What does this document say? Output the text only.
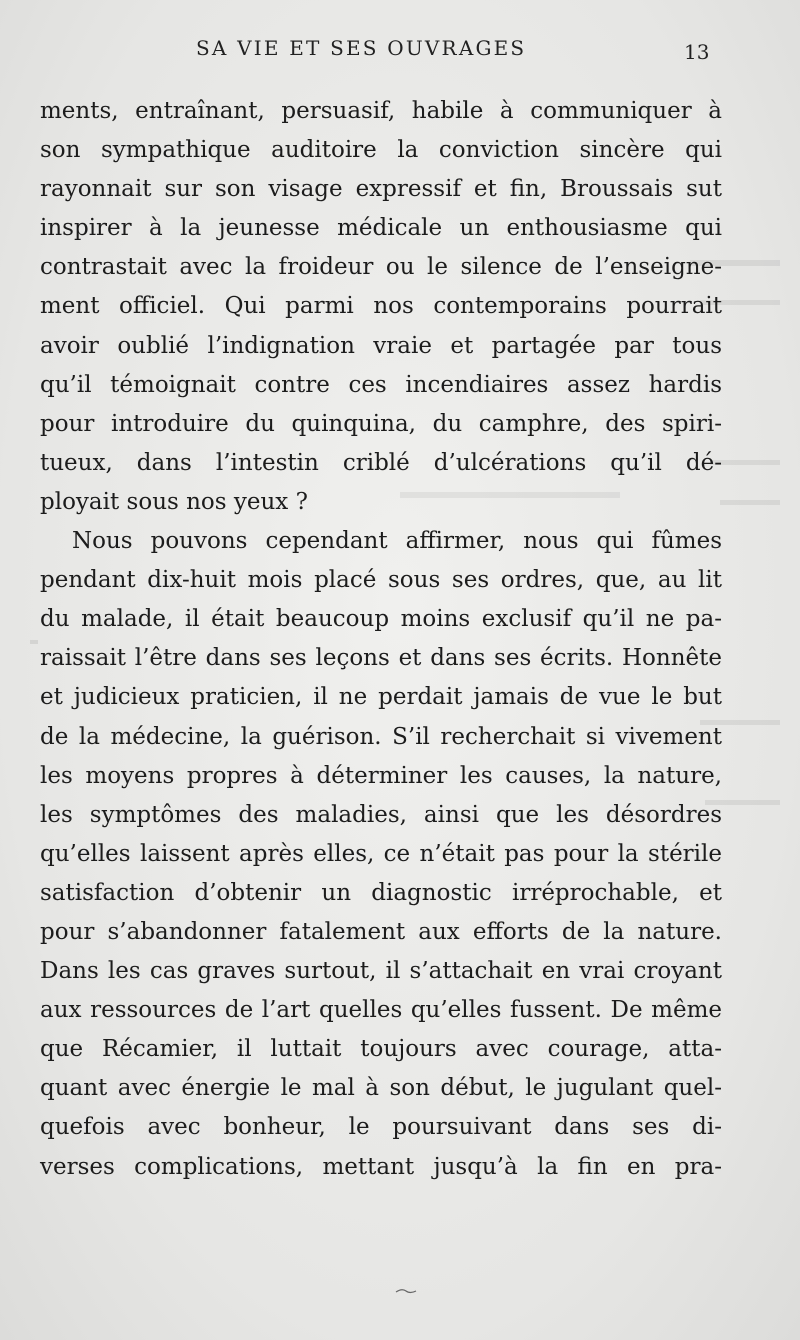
SA VIE ET SES OUVRAGES	13
ments, entraînant, persuasif, habile à communiquer à
son sympathique auditoire la conviction sincère qui
rayonnait sur son visage expressif et fin, Broussais sut
inspirer à la jeunesse médicale un enthousiasme qui
contrastait avec la froideur ou le silence de l’enseigne-
ment officiel. Qui parmi nos contemporains pourrait
avoir oublié l’indignation vraie et partagée par tous
qu’il témoignait contre ces incendiaires assez hardis
pour introduire du quinquina, du camphre, des spiri-
tueux, dans l’intestin criblé d’ulcérations qu’il dé-
ployait sous nos yeux ?
Nous pouvons cependant affirmer, nous qui fûmes
pendant dix-huit mois placé sous ses ordres, que, au lit
du malade, il était beaucoup moins exclusif qu’il ne pa-
raissait l’être dans ses leçons et dans ses écrits. Honnête
et judicieux praticien, il ne perdait jamais de vue le but
de la médecine, la guérison. S’il recherchait si vivement
les moyens propres à déterminer les causes, la nature,
les symptômes des maladies, ainsi que les désordres
qu’elles laissent après elles, ce n’était pas pour la stérile
satisfaction d’obtenir un diagnostic irréprochable, et
pour s’abandonner fatalement aux efforts de la nature.
Dans les cas graves surtout, il s’attachait en vrai croyant
aux ressources de l’art quelles qu’elles fussent. De même
que Récamier, il luttait toujours avec courage, atta-
quant avec énergie le mal à son début, le jugulant quel-
quefois avec bonheur, le poursuivant dans ses di-
verses complications, mettant jusqu’à la fin en pra-
